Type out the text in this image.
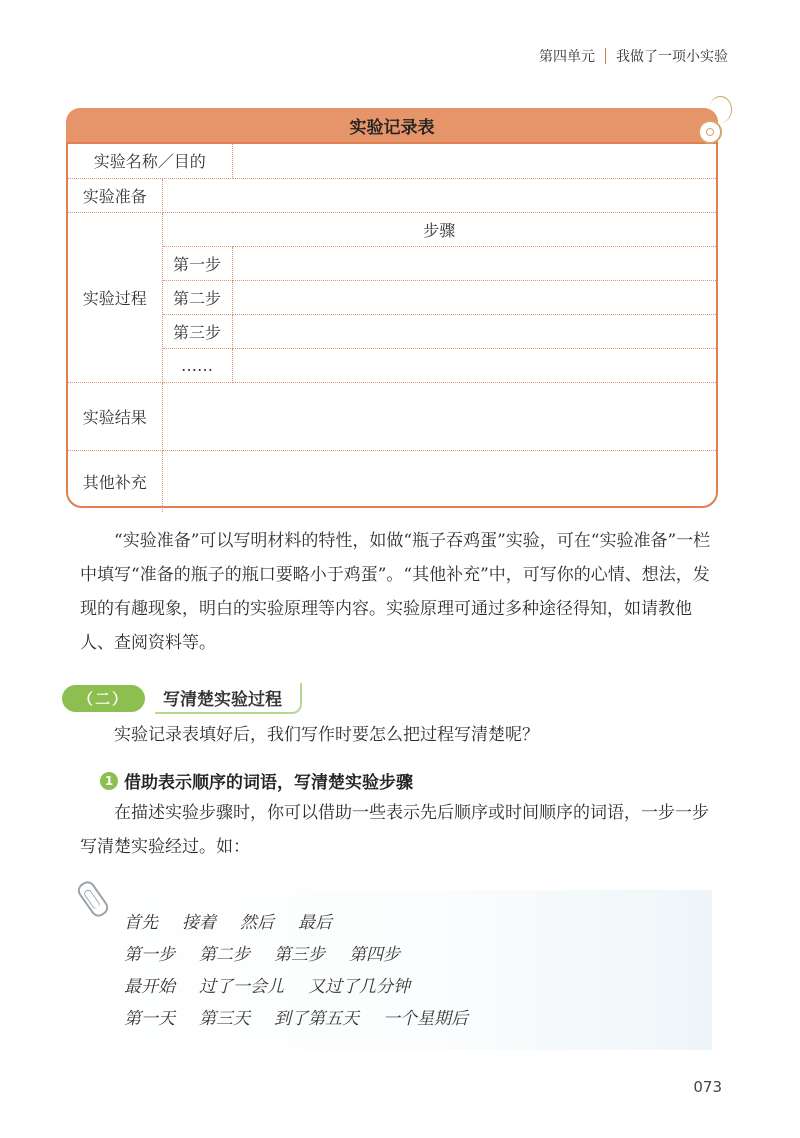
第四单元 我做了一项小实验
实验记录表
实验名称／目的		
实验准备		
实验过程	步骤	
	第一步	
	第二步	
	第三步	
	……	
实验结果		
其他补充		

“实验准备”可以写明材料的特性，如做“瓶子吞鸡蛋”实验，可在“实验准备”一栏中填写“准备的瓶子的瓶口要略小于鸡蛋”。“其他补充”中，可写你的心情、想法，发现的有趣现象，明白的实验原理等内容。实验原理可通过多种途径得知，如请教他人、查阅资料等。

（二）	写清楚实验过程

实验记录表填好后，我们写作时要怎么把过程写清楚呢？

1 借助表示顺序的词语，写清楚实验步骤

在描述实验步骤时，你可以借助一些表示先后顺序或时间顺序的词语，一步一步写清楚实验经过。如：

首先 接着 然后 最后
第一步 第二步 第三步 第四步
最开始 过了一会儿 又过了几分钟
第一天 第三天 到了第五天 一个星期后
073
